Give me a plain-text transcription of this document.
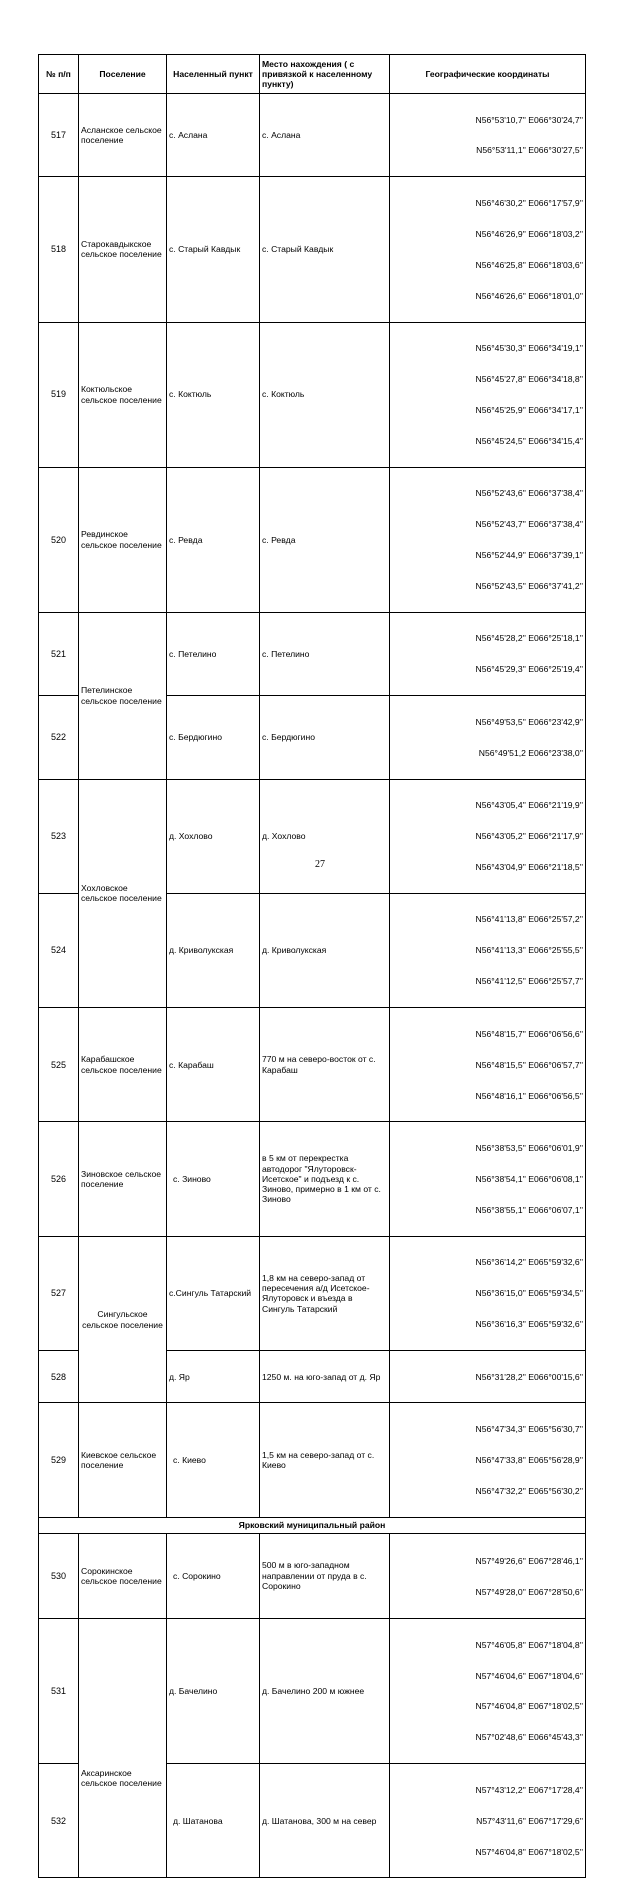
№ п/п	Поселение	Населенный пункт	Место нахождения ( с привязкой к населенному пункту)	Географические координаты
517	Асланское сельское поселение	с. Аслана	с. Аслана	N56°53'10,7'' E066°30'24,7''

N56°53'11,1'' E066°30'27,5''

518	Старокавдыкское сельское поселение	с. Старый Кавдык	с. Старый Кавдык	N56°46'30,2'' E066°17'57,9''

N56°46'26,9'' E066°18'03,2''

N56°46'25,8'' E066°18'03,6''

N56°46'26,6'' E066°18'01,0''

519	Коктюльское сельское поселение	с. Коктюль	с. Коктюль	N56°45'30,3'' E066°34'19,1''

N56°45'27,8'' E066°34'18,8''

N56°45'25,9'' E066°34'17,1''

N56°45'24,5'' E066°34'15,4''

520	Ревдинское сельское поселение	с. Ревда	с. Ревда	N56°52'43,6'' E066°37'38,4''

N56°52'43,7'' E066°37'38,4''

N56°52'44,9'' E066°37'39,1''

N56°52'43,5'' E066°37'41,2''

521	Петелинское сельское поселение	с. Петелино	с. Петелино	N56°45'28,2'' E066°25'18,1''

N56°45'29,3'' E066°25'19,4''

522		с. Бердюгино	с. Бердюгино	N56°49'53,5'' E066°23'42,9''

N56°49'51,2 E066°23'38,0''

523	Хохловское сельское поселение	д. Хохлово	д. Хохлово	N56°43'05,4'' E066°21'19,9''

N56°43'05,2'' E066°21'17,9''

N56°43'04,9'' E066°21'18,5''

524		д. Криволукская	д. Криволукская	N56°41'13,8'' E066°25'57,2''

N56°41'13,3'' E066°25'55,5''

N56°41'12,5'' E066°25'57,7''

525	Карабашское сельское поселение	с. Карабаш	770 м на северо-восток от с. Карабаш	N56°48'15,7'' E066°06'56,6''

N56°48'15,5'' E066°06'57,7''

N56°48'16,1'' E066°06'56,5''

526	Зиновское сельское поселение	с. Зиново	в 5 км от перекрестка автодорог "Ялуторовск-Исетское" и подъезд к с. Зиново, примерно в 1 км от с. Зиново	N56°38'53,5'' E066°06'01,9''

N56°38'54,1'' E066°06'08,1''

N56°38'55,1'' E066°06'07,1''

527	Сингульское сельское поселение	с.Сингуль Татарский	1,8 км на северо-запад от пересечения а/д Исетское-Ялуторовск и въезда в Сингуль Татарский	N56°36'14,2'' E065°59'32,6''

N56°36'15,0'' E065°59'34,5''

N56°36'16,3'' E065°59'32,6''

528		д. Яр	1250 м. на юго-запад от д. Яр	N56°31'28,2'' E066°00'15,6''

529	Киевское сельское поселение	с. Киево	1,5 км на северо-запад от с. Киево	N56°47'34,3'' E065°56'30,7''

N56°47'33,8'' E065°56'28,9''

N56°47'32,2'' E065°56'30,2''

Ярковский муниципальный район				
530	Сорокинское сельское поселение	с. Сорокино	500 м в юго-западном направлении от пруда в с. Сорокино	N57°49'26,6'' E067°28'46,1''

N57°49'28,0'' E067°28'50,6''

531	Аксаринское сельское поселение	д. Бачелино	д. Бачелино 200 м южнее	N57°46'05,8'' E067°18'04,8''

N57°46'04,6'' E067°18'04,6''

N57°46'04,8'' E067°18'02,5''

N57°02'48,6'' E066°45'43,3''

532		д. Шатанова	д. Шатанова, 300 м на север	N57°43'12,2'' E067°17'28,4''

N57°43'11,6'' E067°17'29,6''

N57°46'04,8'' E067°18'02,5''

27
